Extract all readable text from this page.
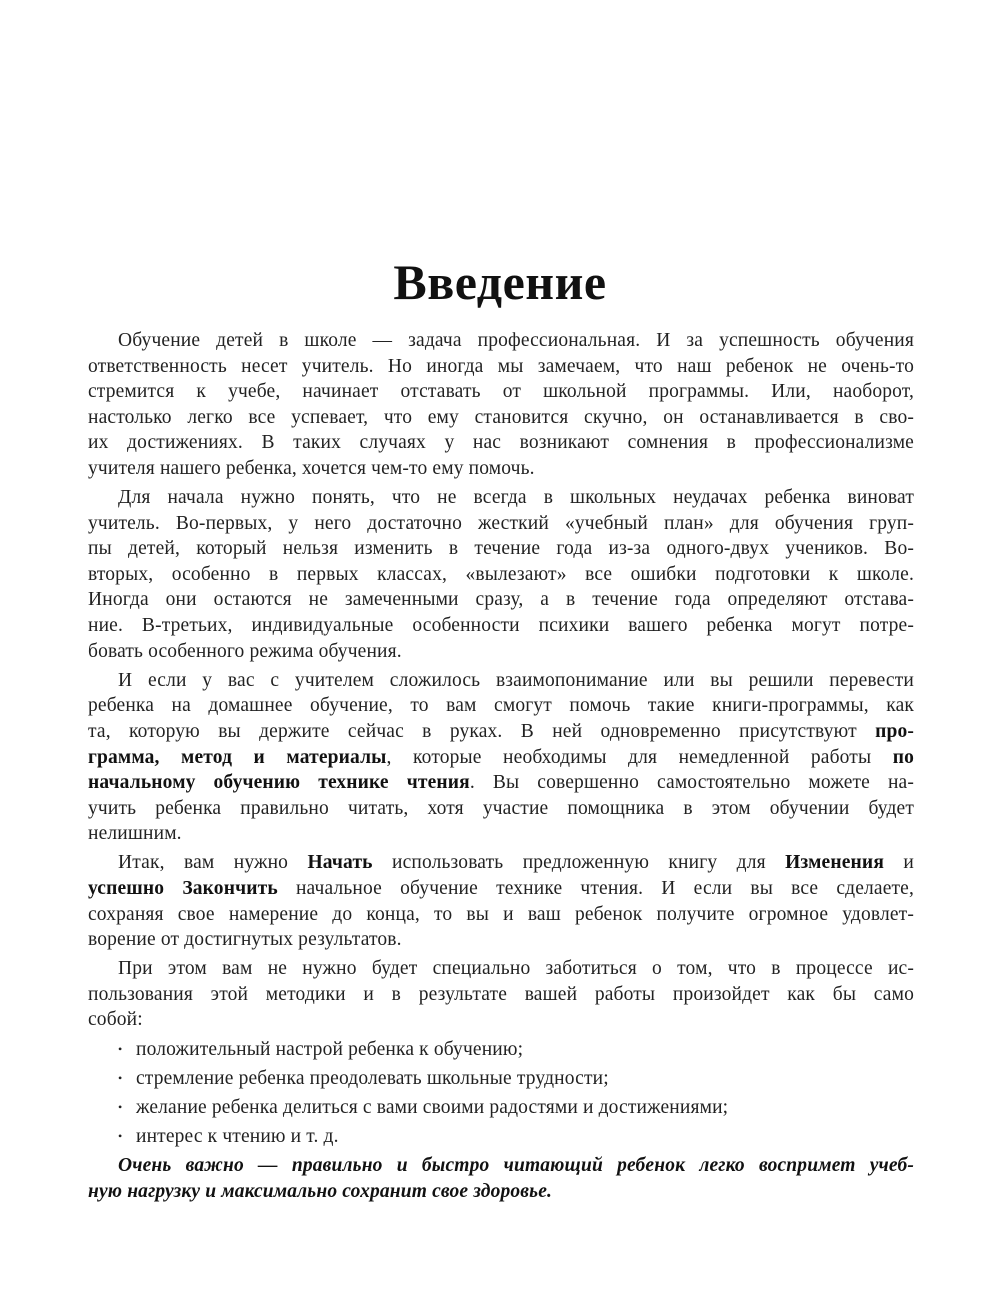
Введение
Обучение детей в школе — задача профессиональная. И за успешность обучения
ответственность несет учитель. Но иногда мы замечаем, что наш ребенок не очень-то
стремится к учебе, начинает отставать от школьной программы. Или, наоборот,
настолько легко все успевает, что ему становится скучно, он останавливается в сво-
их достижениях. В таких случаях у нас возникают сомнения в профессионализме
учителя нашего ребенка, хочется чем-то ему помочь.
Для начала нужно понять, что не всегда в школьных неудачах ребенка виноват
учитель. Во-первых, у него достаточно жесткий «учебный план» для обучения груп-
пы детей, который нельзя изменить в течение года из-за одного-двух учеников. Во-
вторых, особенно в первых классах, «вылезают» все ошибки подготовки к школе.
Иногда они остаются не замеченными сразу, а в течение года определяют отстава-
ние. В-третьих, индивидуальные особенности психики вашего ребенка могут потре-
бовать особенного режима обучения.
И если у вас с учителем сложилось взаимопонимание или вы решили перевести
ребенка на домашнее обучение, то вам смогут помочь такие книги-программы, как
та, которую вы держите сейчас в руках. В ней одновременно присутствуют про-
грамма, метод и материалы, которые необходимы для немедленной работы по
начальному обучению технике чтения. Вы совершенно самостоятельно можете на-
учить ребенка правильно читать, хотя участие помощника в этом обучении будет
нелишним.
Итак, вам нужно Начать использовать предложенную книгу для Изменения и
успешно Закончить начальное обучение технике чтения. И если вы все сделаете,
сохраняя свое намерение до конца, то вы и ваш ребенок получите огромное удовлет-
ворение от достигнутых результатов.
При этом вам не нужно будет специально заботиться о том, что в процессе ис-
пользования этой методики и в результате вашей работы произойдет как бы само
собой:
• положительный настрой ребенка к обучению;
• стремление ребенка преодолевать школьные трудности;
• желание ребенка делиться с вами своими радостями и достижениями;
• интерес к чтению и т. д.
Очень важно — правильно и быстро читающий ребенок легко воспримет учеб-
ную нагрузку и максимально сохранит свое здоровье.
